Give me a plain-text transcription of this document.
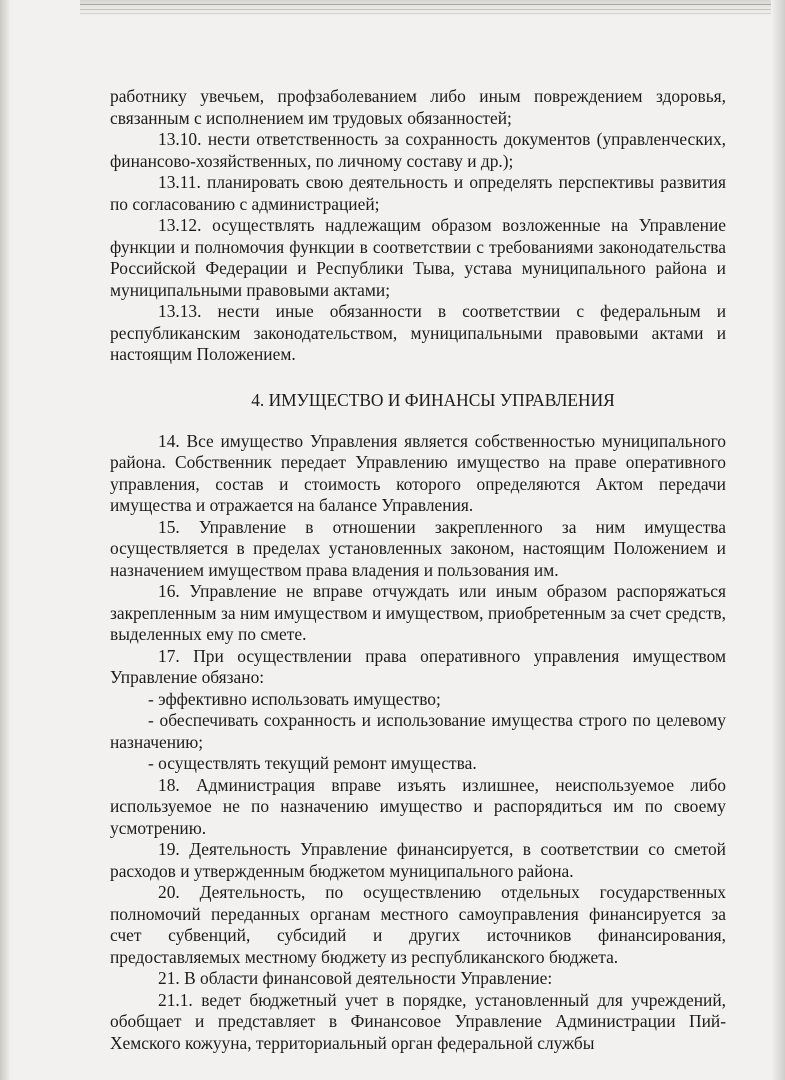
работнику увечьем, профзаболеванием либо иным повреждением здоровья, связанным с исполнением им трудовых обязанностей;

13.10. нести ответственность за сохранность документов (управленческих, финансово-хозяйственных, по личному составу и др.);

13.11. планировать свою деятельность и определять перспективы развития по согласованию с администрацией;

13.12. осуществлять надлежащим образом возложенные на Управление функции и полномочия функции в соответствии с требованиями законодательства Российской Федерации и Республики Тыва, устава муниципального района и муниципальными правовыми актами;

13.13. нести иные обязанности в соответствии с федеральным и республиканским законодательством, муниципальными правовыми актами и настоящим Положением.

4. ИМУЩЕСТВО И ФИНАНСЫ УПРАВЛЕНИЯ

14. Все имущество Управления является собственностью муниципального района. Собственник передает Управлению имущество на праве оперативного управления, состав и стоимость которого определяются Актом передачи имущества и отражается на балансе Управления.

15. Управление в отношении закрепленного за ним имущества осуществляется в пределах установленных законом, настоящим Положением и назначением имуществом права владения и пользования им.

16. Управление не вправе отчуждать или иным образом распоряжаться закрепленным за ним имуществом и имуществом, приобретенным за счет средств, выделенных ему по смете.

17. При осуществлении права оперативного управления имуществом Управление обязано:

- эффективно использовать имущество;

- обеспечивать сохранность и использование имущества строго по целевому назначению;

- осуществлять текущий ремонт имущества.

18. Администрация вправе изъять излишнее, неиспользуемое либо используемое не по назначению имущество и распорядиться им по своему усмотрению.

19. Деятельность Управление финансируется, в соответствии со сметой расходов и утвержденным бюджетом муниципального района.

20. Деятельность, по осуществлению отдельных государственных полномочий переданных органам местного самоуправления финансируется за счет субвенций, субсидий и других источников финансирования, предоставляемых местному бюджету из республиканского бюджета.

21. В области финансовой деятельности Управление:

21.1. ведет бюджетный учет в порядке, установленный для учреждений, обобщает и представляет в Финансовое Управление Администрации Пий-Хемского кожууна, территориальный орган федеральной службы
